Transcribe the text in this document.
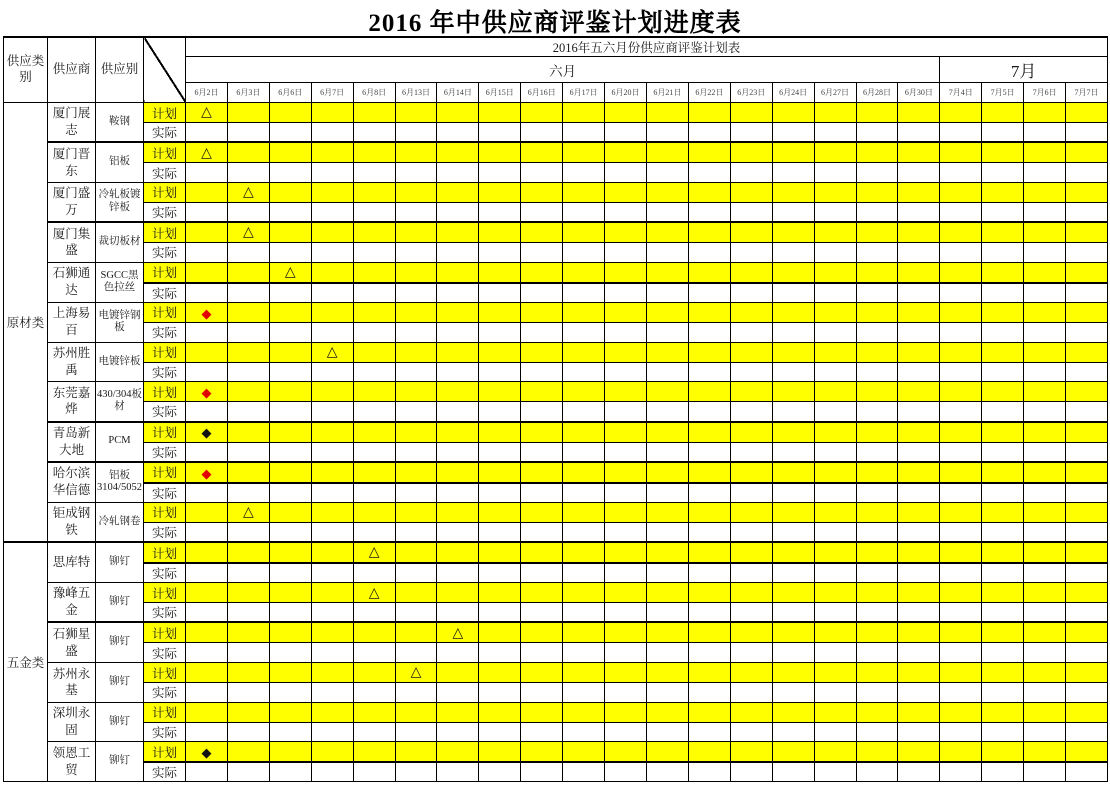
2016 年中供应商评鉴计划进度表
供应类别	供应商	供应别		2016年五六月份供应商评鉴计划表																					
				六月																		7月			
				6月2日	6月3日	6月6日	6月7日	6月8日	6月13日	6月14日	6月15日	6月16日	6月17日	6月20日	6月21日	6月22日	6月23日	6月24日	6月27日	6月28日	6月30日	7月4日	7月5日	7月6日	7月7日
原材类	厦门展志	鞍钢	计划	△																					
			实际																						
	厦门晋东	铝板	计划	△																					
			实际																						
	厦门盛万	冷轧板镀锌板	计划		△																				
			实际																						
	厦门集盛	裁切板材	计划		△																				
			实际																						
	石狮通达	SGCC黑色拉丝	计划			△																			
			实际																						
	上海易百	电镀锌钢板	计划	◆																					
			实际																						
	苏州胜禹	电镀锌板	计划				△																		
			实际																						
	东莞嘉烨	430/304板材	计划	◆																					
			实际																						
	青岛新大地	PCM	计划	◆																					
			实际																						
	哈尔滨华信德	铝板3104/5052	计划	◆																					
			实际																						
	钜成钢铁	冷轧钢卷	计划		△																				
			实际																						
五金类	思库特	铆钉	计划					△																	
			实际																						
	豫峰五金	铆钉	计划					△																	
			实际																						
	石狮星盛	铆钉	计划							△															
			实际																						
	苏州永基	铆钉	计划						△																
			实际																						
	深圳永固	铆钉	计划																						
			实际																						
	领恩工贸	铆钉	计划	◆																					
			实际																						
